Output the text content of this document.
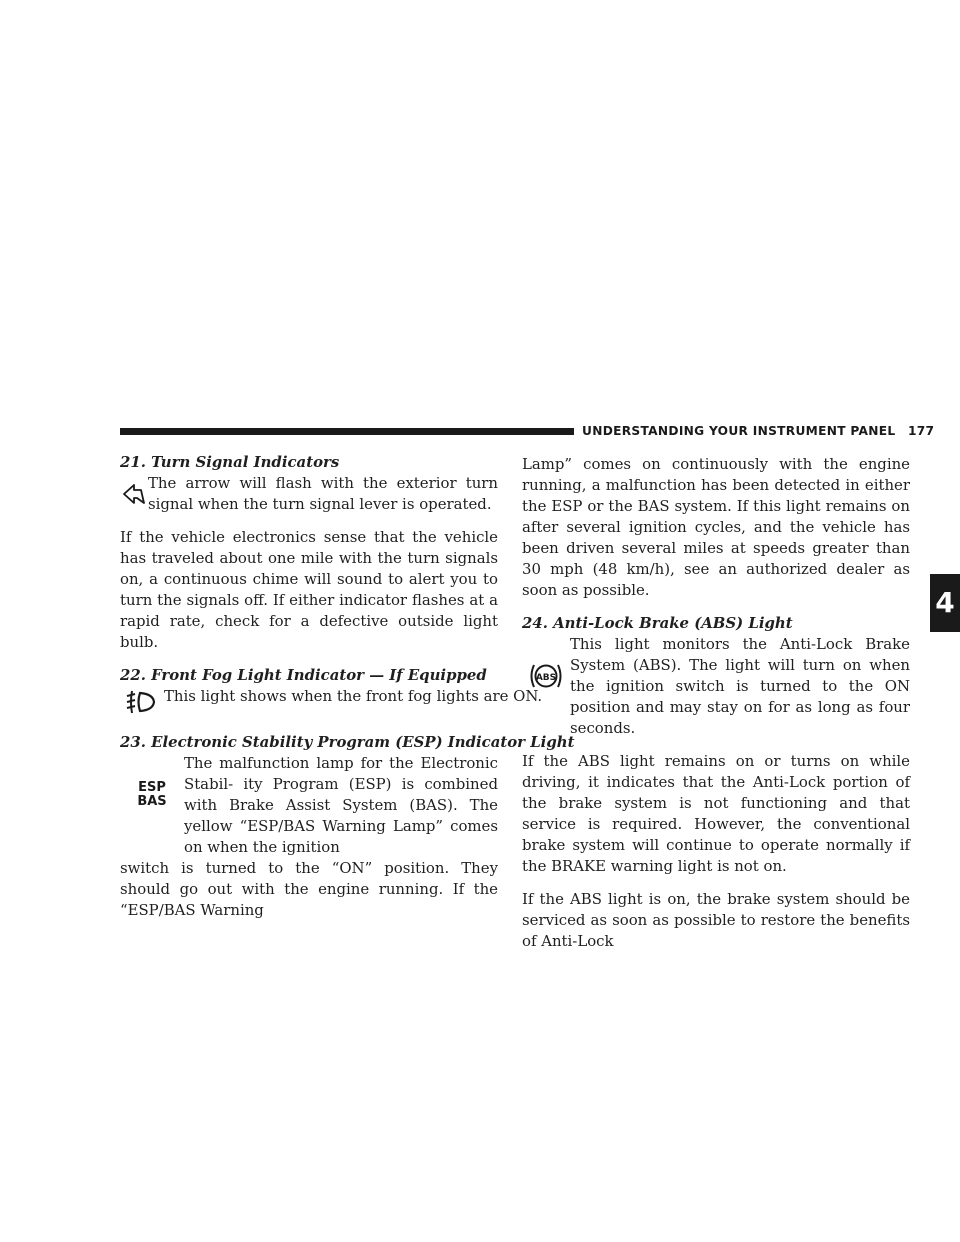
UNDERSTANDING YOUR INSTRUMENT PANEL 177
4
21. Turn Signal Indicators

The arrow will flash with the exterior turn signal when the turn signal lever is operated.

If the vehicle electronics sense that the vehicle has traveled about one mile with the turn signals on, a continuous chime will sound to alert you to turn the signals off. If either indicator flashes at a rapid rate, check for a defective outside light bulb.

22. Front Fog Light Indicator — If Equipped

This light shows when the front fog lights are ON.

23. Electronic Stability Program (ESP) Indicator Light
ESP
BAS

The malfunction lamp for the Electronic Stabil- ity Program (ESP) is combined with Brake Assist System (BAS). The yellow “ESP/BAS Warning Lamp” comes on when the ignition

switch is turned to the “ON” position. They should go out with the engine running. If the “ESP/BAS Warning

Lamp” comes on continuously with the engine running, a malfunction has been detected in either the ESP or the BAS system. If this light remains on after several ignition cycles, and the vehicle has been driven several miles at speeds greater than 30 mph (48 km/h), see an authorized dealer as soon as possible.

24. Anti-Lock Brake (ABS) Light
ABS

This light monitors the Anti-Lock Brake System (ABS). The light will turn on when the ignition switch is turned to the ON position and may stay on for as long as four seconds.

If the ABS light remains on or turns on while driving, it indicates that the Anti-Lock portion of the brake system is not functioning and that service is required. However, the conventional brake system will continue to operate normally if the BRAKE warning light is not on.

If the ABS light is on, the brake system should be serviced as soon as possible to restore the benefits of Anti-Lock
